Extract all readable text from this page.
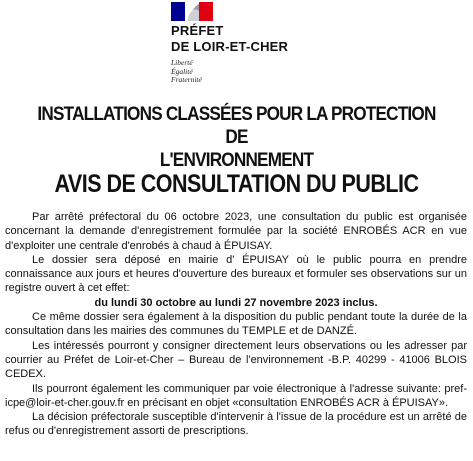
PRÉFET
DE LOIR-ET-CHER
Liberté
Égalité
Fraternité
INSTALLATIONS CLASSÉES POUR LA PROTECTION DE
L'ENVIRONNEMENT
AVIS DE CONSULTATION DU PUBLIC

Par arrêté préfectoral du 06 octobre 2023, une consultation du public est organisée concernant la demande d'enregistrement formulée par la société ENROBÉS ACR en vue d'exploiter une centrale d'enrobés à chaud à ÉPUISAY.

Le dossier sera déposé en mairie d' ÉPUISAY où le public pourra en prendre connaissance aux jours et heures d'ouverture des bureaux et formuler ses observations sur un registre ouvert à cet effet:

du lundi 30 octobre au lundi 27 novembre 2023 inclus.

Ce même dossier sera également à la disposition du public pendant toute la durée de la consultation dans les mairies des communes du TEMPLE et de DANZÉ.

Les intéressés pourront y consigner directement leurs observations ou les adresser par courrier au Préfet de Loir-et-Cher – Bureau de l'environnement -B.P. 40299 - 41006 BLOIS CEDEX.

Ils pourront également les communiquer par voie électronique à l'adresse suivante: pref-icpe@loir-et-cher.gouv.fr en précisant en objet «consultation ENROBÉS ACR à ÉPUISAY».

La décision préfectorale susceptible d'intervenir à l'issue de la procédure est un arrêté de refus ou d'enregistrement assorti de prescriptions.
